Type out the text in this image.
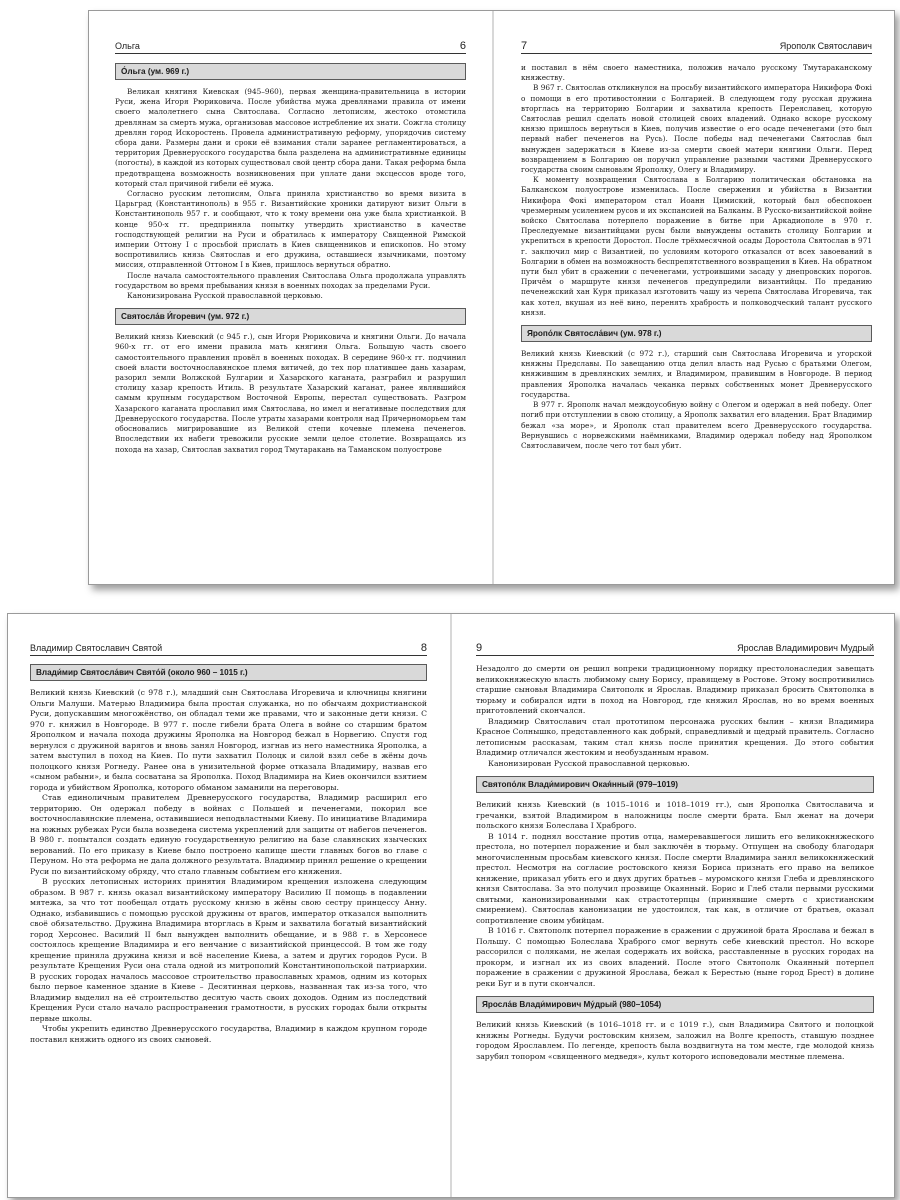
Ольга	6
О́льга (ум. 969 г.)

Великая княгиня Киевская (945–960), первая женщина-правительница в истории Руси, жена Игоря Рюриковича. После убийства мужа древлянами правила от имени своего малолетнего сына Святослава. Согласно летописям, жестоко отомстила древлянам за смерть мужа, организовав массовое истребление их знати. Сожгла столицу древлян город Искоростень. Провела административную реформу, упорядочив систему сбора дани. Размеры дани и сроки её взимания стали заранее регламентироваться, а территория Древнерусского государства была разделена на административные единицы (погосты), в каждой из которых существовал свой центр сбора дани. Такая реформа была предотвращена возможность возникновения при уплате дани эксцессов вроде того, который стал причиной гибели её мужа.

Согласно русским летописям, Ольга приняла христианство во время визита в Царьград (Константинополь) в 955 г. Византийские хроники датируют визит Ольги в Константинополь 957 г. и сообщают, что к тому времени она уже была христианкой. В конце 950-х гг. предприняла попытку утвердить христианство в качестве господствующей религии на Руси и обратилась к императору Священной Римской империи Оттону I с просьбой прислать в Киев священников и епископов. Но этому воспротивились князь Святослав и его дружина, оставшиеся язычниками, поэтому миссия, отправленной Оттоном I в Киев, пришлось вернуться обратно.

После начала самостоятельного правления Святослава Ольга продолжала управлять государством во время пребывания князя в военных походах за пределами Руси.

Канонизирована Русской православной церковью.

Святосла́в И́горевич (ум. 972 г.)

Великий князь Киевский (с 945 г.), сын Игоря Рюриковича и княгини Ольги. До начала 960-х гг. от его имени правила мать княгиня Ольга. Большую часть своего самостоятельного правления провёл в военных походах. В середине 960-х гг. подчинил своей власти восточнославянское племя вятичей, до тех пор платившее дань хазарам, разорил земли Волжской Булгарии и Хазарского каганата, разграбил и разрушил столицу хазар крепость Итиль. В результате Хазарский каганат, ранее являвшийся самым крупным государством Восточной Европы, перестал существовать. Разгром Хазарского каганата прославил имя Святослава, но имел и негативные последствия для Древнерусского государства. После утраты хазарами контроля над Причерноморьем там обосновались мигрировавшие из Великой степи кочевые племена печенегов. Впоследствии их набеги тревожили русские земли целое столетие. Возвращаясь из похода на хазар, Святослав захватил город Тмутаракань на Таманском полуострове

7	Ярополк Святославич

и поставил в нём своего наместника, положив начало русскому Тмутараканскому княжеству.

В 967 г. Святослав откликнулся на просьбу византийского императора Никифора Фокі о помощи в его противостоянии с Болгарией. В следующем году русская дружина вторглась на территорию Болгарии и захватила крепость Переяславец, которую Святослав решил сделать новой столицей своих владений. Однако вскоре русскому князю пришлось вернуться в Киев, получив известие о его осаде печенегами (это был первый набег печенегов на Русь). После победы над печенегами Святослав был вынужден задержаться в Киеве из-за смерти своей матери княгини Ольги. Перед возвращением в Болгарию он поручил управление разными частями Древнерусского государства своим сыновьям Ярополку, Олегу и Владимиру.

К моменту возвращения Святослава в Болгарию политическая обстановка на Балканском полуострове изменилась. После свержения и убийства в Византии Никифора Фокі императором стал Иоанн Цимиский, который был обеспокоен чрезмерным усилением русов и их экспансией на Балканы. В Русско-византийской войне войско Святослава потерпело поражение в битве при Аркадиополе в 970 г. Преследуемые византийцами русы были вынуждены оставить столицу Болгарии и укрепиться в крепости Доростол. После трёхмесячной осады Доростола Святослав в 971 г. заключил мир с Византией, по условиям которого отказался от всех завоеваний в Болгарии в обмен на возможность беспрепятственного возвращения в Киев. На обратном пути был убит в сражении с печенегами, устроившими засаду у днепровских порогов. Причём о маршруте князя печенегов предупредили византийцы. По преданию печенежский хан Куря приказал изготовить чашу из черепа Святослава Игоревича, так как хотел, вкушая из неё вино, перенять храбрость и полководческий талант русского князя.

Яропо́лк Святосла́вич (ум. 978 г.)

Великий князь Киевский (с 972 г.), старший сын Святослава Игоревича и угорской княжны Предславы. По завещанию отца делил власть над Русью с братьями Олегом, княжившим в древлянских землях, и Владимиром, правившим в Новгороде. В период правления Ярополка началась чеканка первых собственных монет Древнерусского государства.

В 977 г. Ярополк начал междоусобную войну с Олегом и одержал в ней победу. Олег погиб при отступлении в свою столицу, а Ярополк захватил его владения. Брат Владимир бежал «за море», и Ярополк стал правителем всего Древнерусского государства. Вернувшись с норвежскими наёмниками, Владимир одержал победу над Ярополком Святославичем, после чего тот был убит.

Владимир Святославич Святой	8
Влади́мир Святосла́вич Свято́й (около 960 – 1015 г.)

Великий князь Киевский (с 978 г.), младший сын Святослава Игоревича и ключницы княгини Ольги Малуши. Матерью Владимира была простая служанка, но по обычаям дохристианской Руси, допускавшим многожёнство, он обладал теми же правами, что и законные дети князя. С 970 г. княжил в Новгороде. В 977 г. после гибели брата Олега в войне со старшим братом Ярополком и начала похода дружины Ярополка на Новгород бежал в Норвегию. Спустя год вернулся с дружиной варягов и вновь занял Новгород, изгнав из него наместника Ярополка, а затем выступил в поход на Киев. По пути захватил Полоцк и силой взял себе в жёны дочь полоцкого князя Рогнеду. Ранее она в унизительной форме отказала Владимиру, назвав его «сыном рабыни», и была сосватана за Ярополка. Поход Владимира на Киев окончился взятием города и убийством Ярополка, которого обманом заманили на переговоры.

Став единоличным правителем Древнерусского государства, Владимир расширил его территорию. Он одержал победу в войнах с Польшей и печенегами, покорил все восточнославянские племена, оставившиеся неподвластными Киеву. По инициативе Владимира на южных рубежах Руси была возведена система укреплений для защиты от набегов печенегов. В 980 г. попытался создать единую государственную религию на базе славянских языческих верований. По его приказу в Киеве было построено капище шести главных богов во главе с Перуном. Но эта реформа не дала должного результата. Владимир принял решение о крещении Руси по византийскому обряду, что стало главным событием его княжения.

В русских летописных историях принятия Владимиром крещения изложена следующим образом. В 987 г. князь оказал византийскому императору Василию II помощь в подавлении мятежа, за что тот пообещал отдать русскому князю в жёны свою сестру принцессу Анну. Однако, избавившись с помощью русской дружины от врагов, император отказался выполнить своё обязательство. Дружина Владимира вторглась в Крым и захватила богатый византийский город Херсонес. Василий II был вынужден выполнить обещание, и в 988 г. в Херсонесе состоялось крещение Владимира и его венчание с византийской принцессой. В том же году крещение приняла дружина князя и всё население Киева, а затем и других городов Руси. В результате Крещения Руси она стала одной из митрополий Константинопольской патриархии. В русских городах началось массовое строительство православных храмов, одним из которых было первое каменное здание в Киеве – Десятинная церковь, названная так из-за того, что Владимир выделил на её строительство десятую часть своих доходов. Одним из последствий Крещения Руси стало начало распространения грамотности, в русских городах были открыты первые школы.

Чтобы укрепить единство Древнерусского государства, Владимир в каждом крупном городе поставил княжить одного из своих сыновей.

9	Ярослав Владимирович Мудрый

Незадолго до смерти он решил вопреки традиционному порядку престолонаследия завещать великокняжескую власть любимому сыну Борису, правящему в Ростове. Этому воспротивились старшие сыновья Владимира Святополк и Ярослав. Владимир приказал бросить Святополка в тюрьму и собирался идти в поход на Новгород, где княжил Ярослав, но во время военных приготовлений скончался.

Владимир Святославич стал прототипом персонажа русских былин – князя Владимира Красное Солнышко, представленного как добрый, справедливый и щедрый правитель. Согласно летописным рассказам, таким стал князь после принятия крещения. До этого события Владимир отличался жестоким и необузданным нравом.

Канонизирован Русской православной церковью.

Святопо́лк Влади́мирович Окая́нный (979–1019)

Великий князь Киевский (в 1015–1016 и 1018–1019 гг.), сын Ярополка Святославича и гречанки, взятой Владимиром в наложницы после смерти брата. Был женат на дочери польского князя Болеслава I Храброго.

В 1014 г. поднял восстание против отца, намеревавшегося лишить его великокняжеского престола, но потерпел поражение и был заключён в тюрьму. Отпущен на свободу благодаря многочисленным просьбам киевского князя. После смерти Владимира занял великокняжеский престол. Несмотря на согласие ростовского князя Бориса признать его право на великое княжение, приказал убить его и двух других братьев – муромского князя Глеба и древлянского князя Святослава. За это получил прозвище Окаянный. Борис и Глеб стали первыми русскими святыми, канонизированными как страстотерпцы (принявшие смерть с христианским смирением). Святослав канонизации не удостоился, так как, в отличие от братьев, оказал сопротивление своим убийцам.

В 1016 г. Святополк потерпел поражение в сражении с дружиной брата Ярослава и бежал в Польшу. С помощью Болеслава Храброго смог вернуть себе киевский престол. Но вскоре рассорился с поляками, не желая содержать их войска, расставленные в русских городах на прокорм, и изгнал их из своих владений. После этого Святополк Окаянный потерпел поражение в сражении с дружиной Ярослава, бежал к Берестью (ныне город Брест) в долине реки Буг и в пути скончался.

Яросла́в Влади́мирович Му́дрый (980–1054)

Великий князь Киевский (в 1016–1018 гг. и с 1019 г.), сын Владимира Святого и полоцкой княжны Рогнеды. Будучи ростовским князем, заложил на Волге крепость, ставшую позднее городом Ярославлем. По легенде, крепость была воздвигнута на том месте, где молодой князь зарубил топором «священного медведя», культ которого исповедовали местные племена.
